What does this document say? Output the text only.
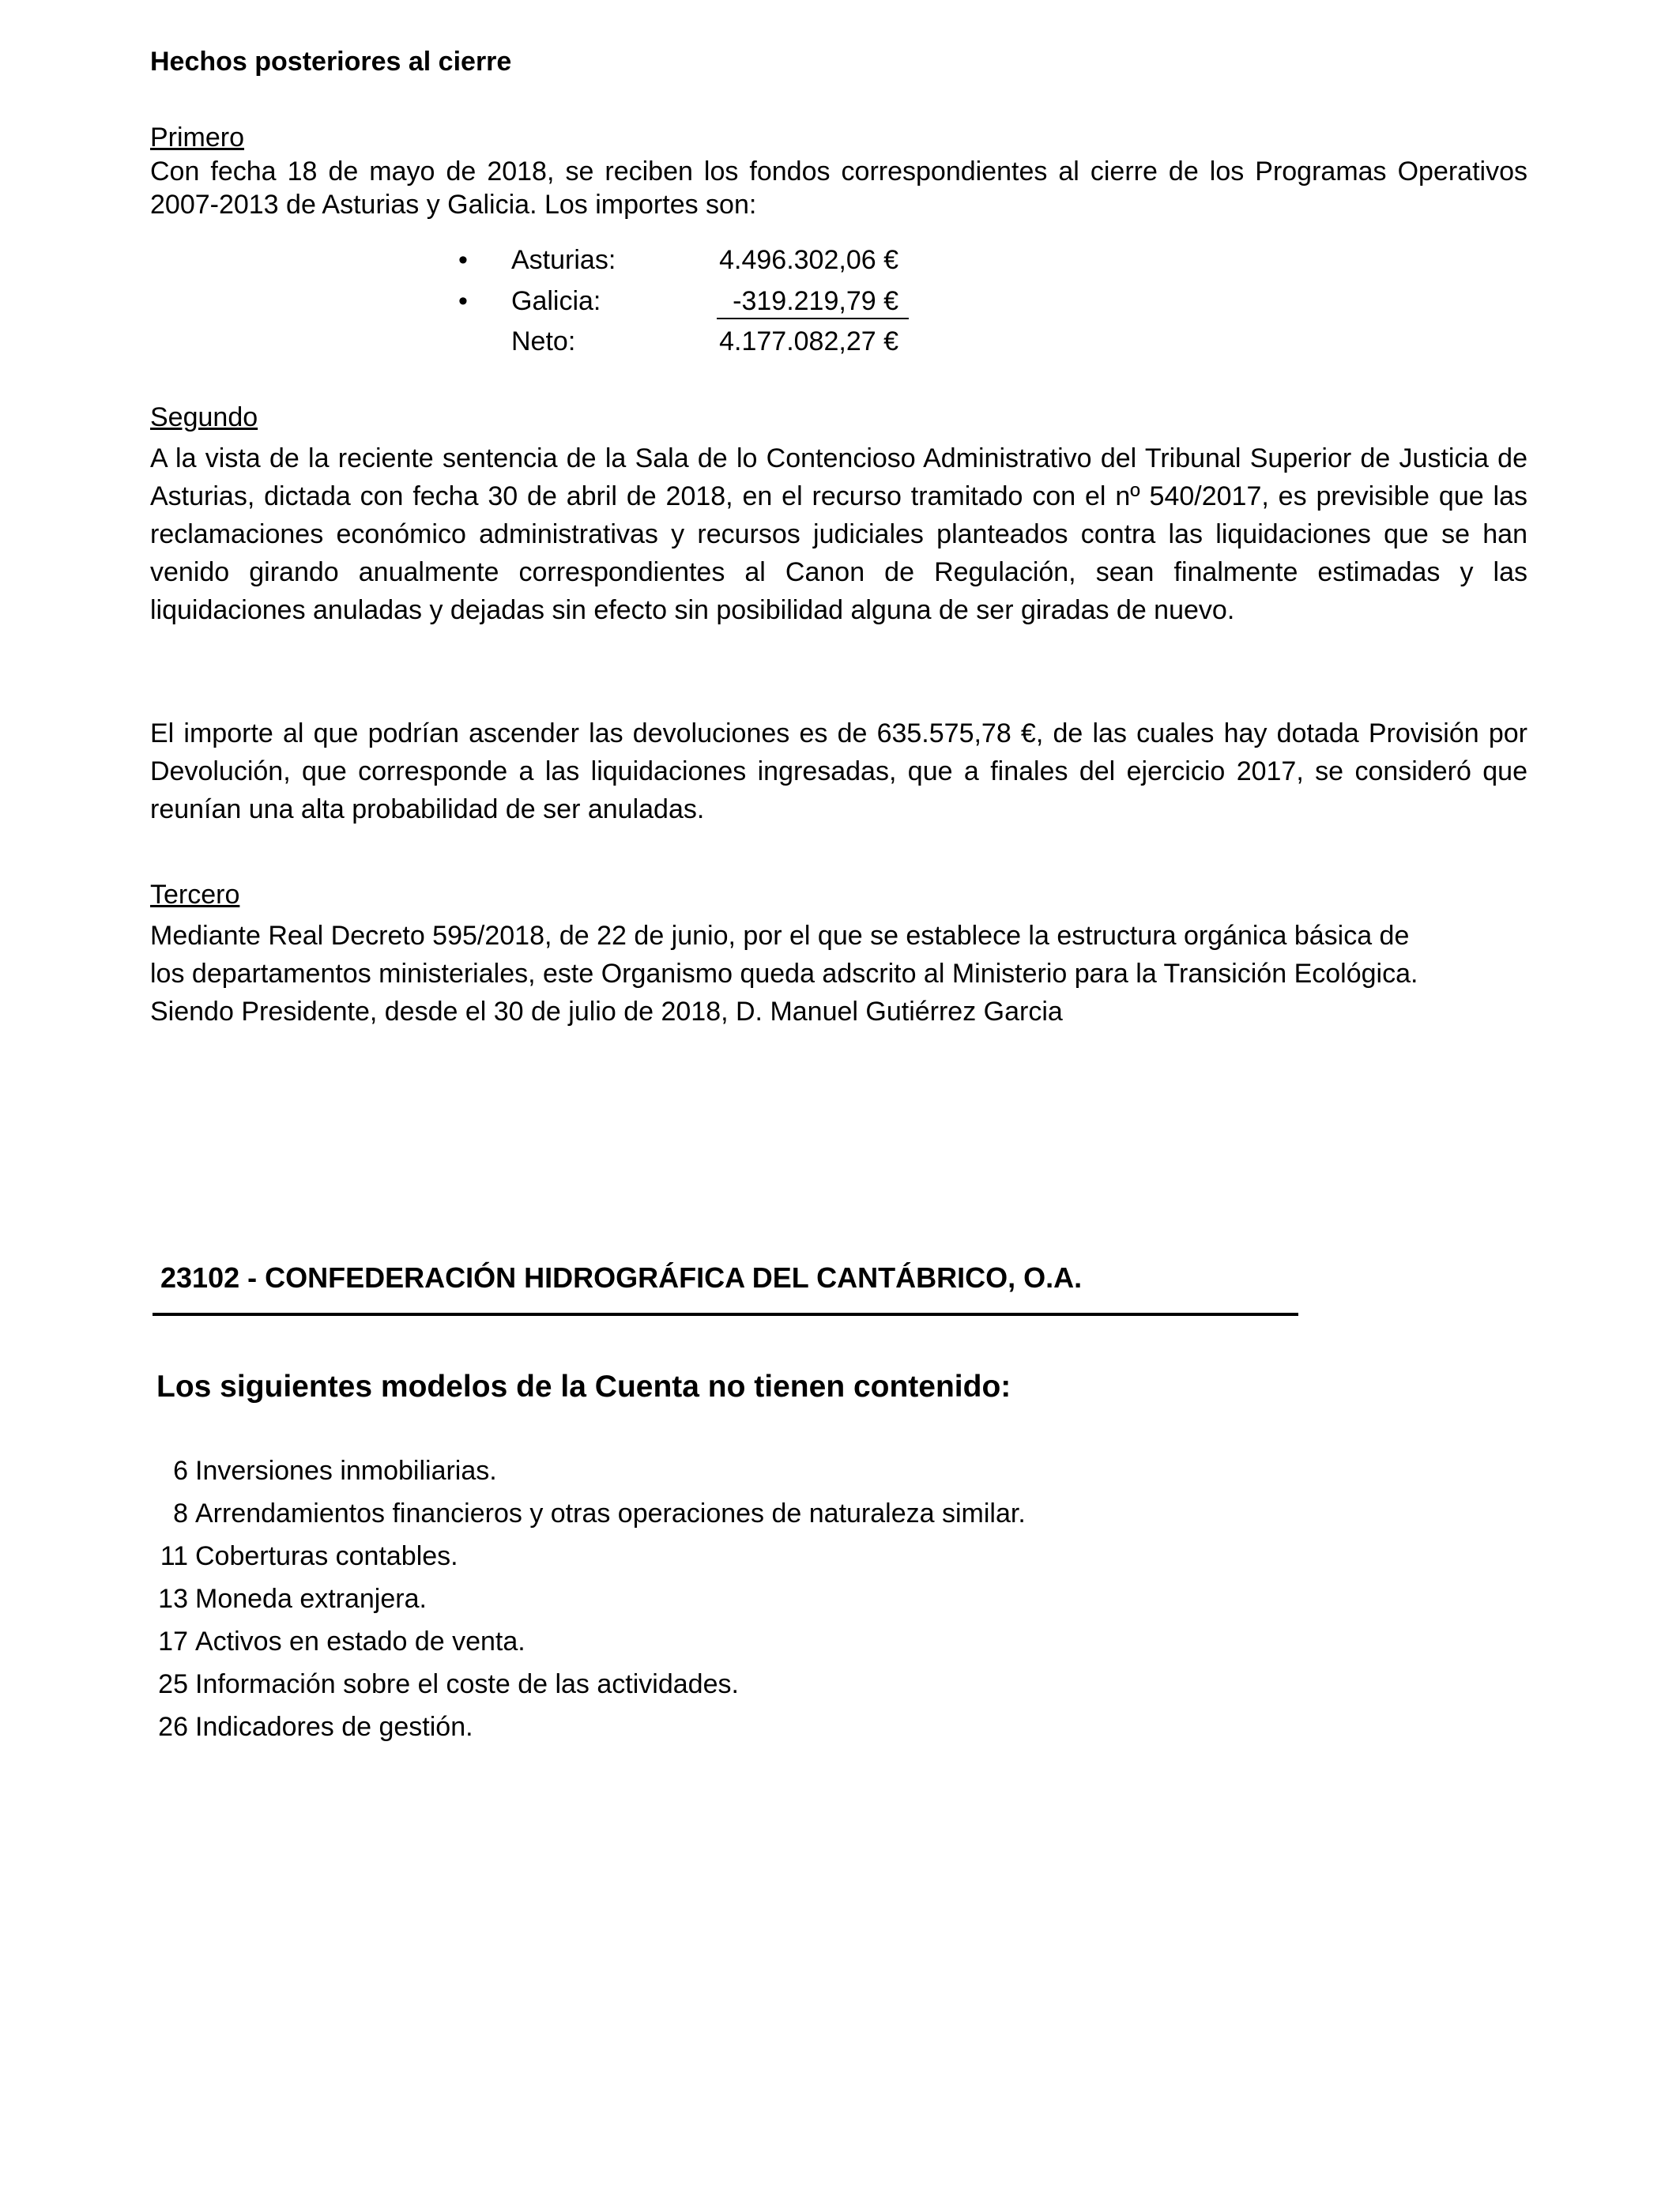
Hechos posteriores al cierre
Primero
Con fecha 18 de mayo de 2018, se reciben los fondos correspondientes al cierre de los Programas Operativos 2007-2013 de Asturias y Galicia. Los importes son:
• Asturias:	4.496.302,06 €
• Galicia:	-319.219,79 €
Neto:	4.177.082,27 €
Segundo
A la vista de la reciente sentencia de la Sala de lo Contencioso Administrativo del Tribunal Superior de Justicia de Asturias, dictada con fecha 30 de abril de 2018, en el recurso tramitado con el nº 540/2017, es previsible que las reclamaciones económico administrativas y recursos judiciales planteados contra las liquidaciones que se han venido girando anualmente correspondientes al Canon de Regulación, sean finalmente estimadas y las liquidaciones anuladas y dejadas sin efecto sin posibilidad alguna de ser giradas de nuevo.
El importe al que podrían ascender las devoluciones es de 635.575,78 €, de las cuales hay dotada Provisión por Devolución, que corresponde a las liquidaciones ingresadas, que a finales del ejercicio 2017, se consideró que reunían una alta probabilidad de ser anuladas.
Tercero
Mediante Real Decreto 595/2018, de 22 de junio, por el que se establece la estructura orgánica básica de
los departamentos ministeriales, este Organismo queda adscrito al Ministerio para la Transición Ecológica.
Siendo Presidente, desde el 30 de julio de 2018, D. Manuel Gutiérrez Garcia
23102 - CONFEDERACIÓN HIDROGRÁFICA DEL CANTÁBRICO, O.A.
Los siguientes modelos de la Cuenta no tienen contenido:
6 Inversiones inmobiliarias.
8 Arrendamientos financieros y otras operaciones de naturaleza similar.
11 Coberturas contables.
13 Moneda extranjera.
17 Activos en estado de venta.
25 Información sobre el coste de las actividades.
26 Indicadores de gestión.
